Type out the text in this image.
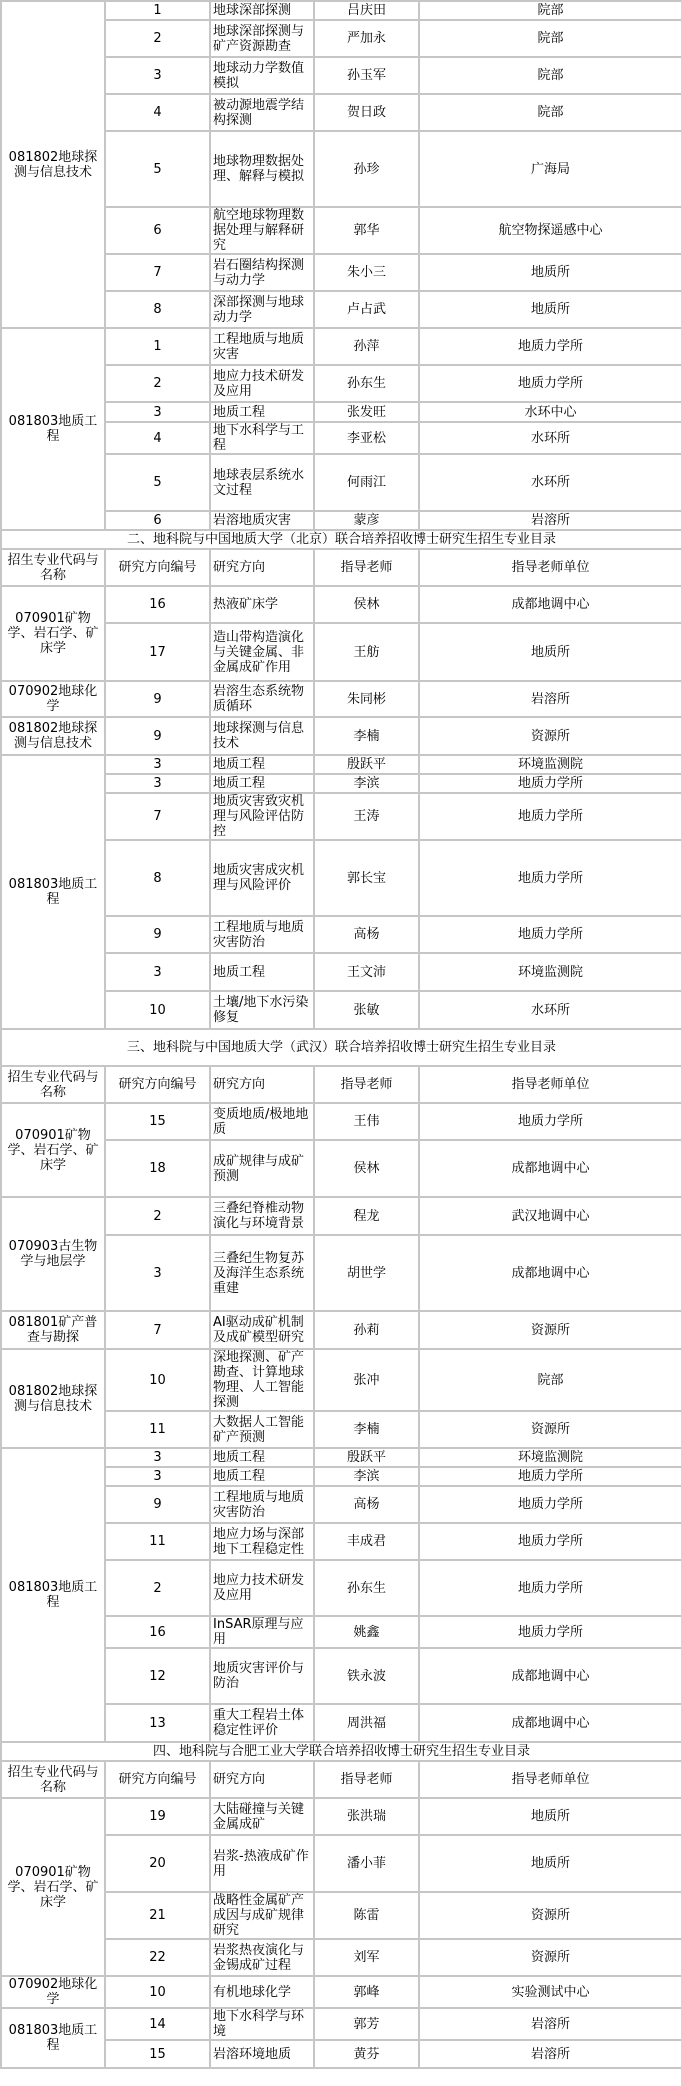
081802地球探测与信息技术	1	地球深部探测	吕庆田	院部
	2	地球深部探测与矿产资源勘查	严加永	院部
	3	地球动力学数值模拟	孙玉军	院部
	4	被动源地震学结构探测	贺日政	院部
	5	地球物理数据处理、解释与模拟	孙珍	广海局
	6	航空地球物理数据处理与解释研究	郭华	航空物探遥感中心
	7	岩石圈结构探测与动力学	朱小三	地质所
	8	深部探测与地球动力学	卢占武	地质所
081803地质工程	1	工程地质与地质灾害	孙萍	地质力学所
	2	地应力技术研发及应用	孙东生	地质力学所
	3	地质工程	张发旺	水环中心
	4	地下水科学与工程	李亚松	水环所
	5	地球表层系统水文过程	何雨江	水环所
	6	岩溶地质灾害	蒙彦	岩溶所
二、地科院与中国地质大学（北京）联合培养招收博士研究生招生专业目录				
招生专业代码与名称	研究方向编号	研究方向	指导老师	指导老师单位
070901矿物学、岩石学、矿床学	16	热液矿床学	侯林	成都地调中心
	17	造山带构造演化与关键金属、非金属成矿作用	王舫	地质所
070902地球化学	9	岩溶生态系统物质循环	朱同彬	岩溶所
081802地球探测与信息技术	9	地球探测与信息技术	李楠	资源所
081803地质工程	3	地质工程	殷跃平	环境监测院
	3	地质工程	李滨	地质力学所
	7	地质灾害致灾机理与风险评估防控	王涛	地质力学所
	8	地质灾害成灾机理与风险评价	郭长宝	地质力学所
	9	工程地质与地质灾害防治	高杨	地质力学所
	3	地质工程	王文沛	环境监测院
	10	土壤/地下水污染修复	张敏	水环所
三、地科院与中国地质大学（武汉）联合培养招收博士研究生招生专业目录				
招生专业代码与名称	研究方向编号	研究方向	指导老师	指导老师单位
070901矿物学、岩石学、矿床学	15	变质地质/极地地质	王伟	地质力学所
	18	成矿规律与成矿预测	侯林	成都地调中心
070903古生物学与地层学	2	三叠纪脊椎动物演化与环境背景	程龙	武汉地调中心
	3	三叠纪生物复苏及海洋生态系统重建	胡世学	成都地调中心
081801矿产普查与勘探	7	AI驱动成矿机制及成矿模型研究	孙莉	资源所
081802地球探测与信息技术	10	深地探测、矿产勘查、计算地球物理、人工智能探测	张冲	院部
	11	大数据人工智能矿产预测	李楠	资源所
081803地质工程	3	地质工程	殷跃平	环境监测院
	3	地质工程	李滨	地质力学所
	9	工程地质与地质灾害防治	高杨	地质力学所
	11	地应力场与深部地下工程稳定性	丰成君	地质力学所
	2	地应力技术研发及应用	孙东生	地质力学所
	16	InSAR原理与应用	姚鑫	地质力学所
	12	地质灾害评价与防治	铁永波	成都地调中心
	13	重大工程岩土体稳定性评价	周洪福	成都地调中心
四、地科院与合肥工业大学联合培养招收博士研究生招生专业目录				
招生专业代码与名称	研究方向编号	研究方向	指导老师	指导老师单位
070901矿物学、岩石学、矿床学	19	大陆碰撞与关键金属成矿	张洪瑞	地质所
	20	岩浆-热液成矿作用	潘小菲	地质所
	21	战略性金属矿产成因与成矿规律研究	陈雷	资源所
	22	岩浆热夜演化与金锡成矿过程	刘军	资源所
070902地球化学	10	有机地球化学	郭峰	实验测试中心
081803地质工程	14	地下水科学与环境	郭芳	岩溶所
	15	岩溶环境地质	黄芬	岩溶所
